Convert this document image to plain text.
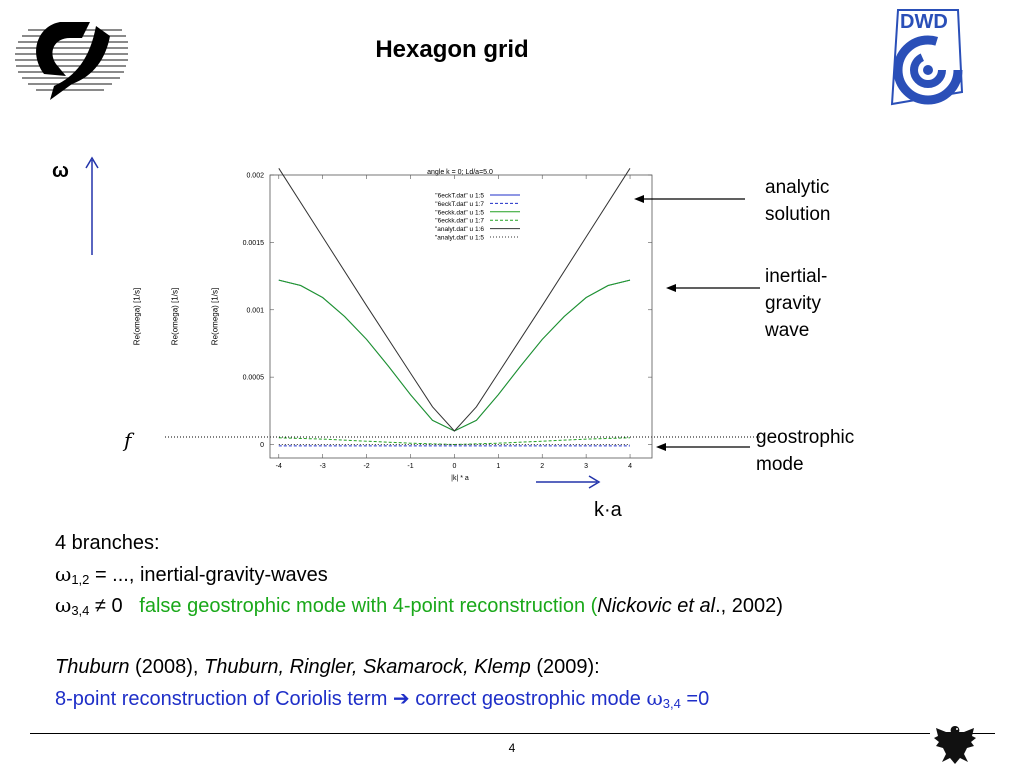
Hexagon grid
DWD
ω
f
Re(omega) [1/s]	Re(omega) [1/s]	Re(omega) [1/s]
-4	-3	-2	-1	0	1	2	3	4
0
0.0005
0.001
0.0015
0.002
"6eckT.dat" u 1:5
"6eckT.dat" u 1:7
"6eckk.dat" u 1:5
"6eckk.dat" u 1:7
"analyt.dat" u 1:6
"analyt.dat" u 1:5
angle k = 0; Ld/a=5.0
|k| * a
analytic
solution
inertial-
gravity
wave
geostrophic
mode
k·a
4 branches:
$\omega_{1,2}$ = ..., inertial-gravity-waves
$\omega_{3,4} \ne 0$   false geostrophic mode with 4-point reconstruction (Nickovic et al., 2002)
Thuburn (2008), Thuburn, Ringler, Skamarock, Klemp (2009):
8-point reconstruction of Coriolis term ➔ correct geostrophic mode $\omega_{3,4} =0$
4
